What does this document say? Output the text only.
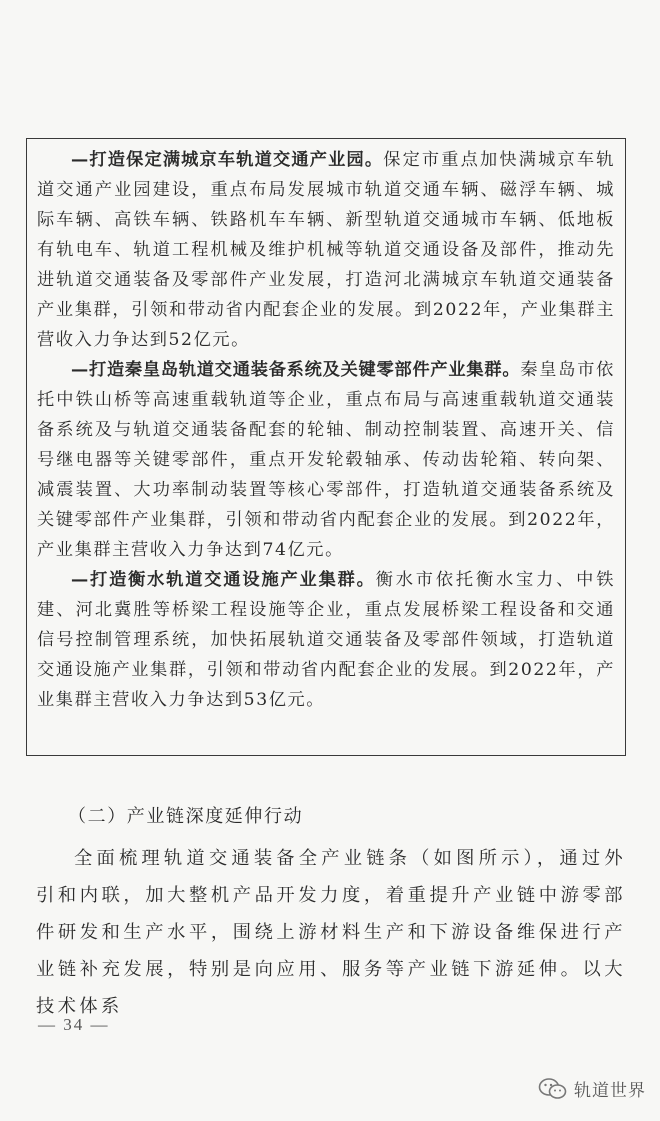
—打造保定满城京车轨道交通产业园。保定市重点加快满城京车轨道交通产业园建设，重点布局发展城市轨道交通车辆、磁浮车辆、城际车辆、高铁车辆、铁路机车车辆、新型轨道交通城市车辆、低地板有轨电车、轨道工程机械及维护机械等轨道交通设备及部件，推动先进轨道交通装备及零部件产业发展，打造河北满城京车轨道交通装备产业集群，引领和带动省内配套企业的发展。到2022年，产业集群主营收入力争达到52亿元。

—打造秦皇岛轨道交通装备系统及关键零部件产业集群。秦皇岛市依托中铁山桥等高速重载轨道等企业，重点布局与高速重载轨道交通装备系统及与轨道交通装备配套的轮轴、制动控制装置、高速开关、信号继电器等关键零部件，重点开发轮毂轴承、传动齿轮箱、转向架、减震装置、大功率制动装置等核心零部件，打造轨道交通装备系统及关键零部件产业集群，引领和带动省内配套企业的发展。到2022年，产业集群主营收入力争达到74亿元。

—打造衡水轨道交通设施产业集群。衡水市依托衡水宝力、中铁建、河北冀胜等桥梁工程设施等企业，重点发展桥梁工程设备和交通信号控制管理系统，加快拓展轨道交通装备及零部件领域，打造轨道交通设施产业集群，引领和带动省内配套企业的发展。到2022年，产业集群主营收入力争达到53亿元。

（二）产业链深度延伸行动

全面梳理轨道交通装备全产业链条（如图所示），通过外引和内联，加大整机产品开发力度，着重提升产业链中游零部件研发和生产水平，围绕上游材料生产和下游设备维保进行产业链补充发展，特别是向应用、服务等产业链下游延伸。以大技术体系

— 34 —
轨道世界
